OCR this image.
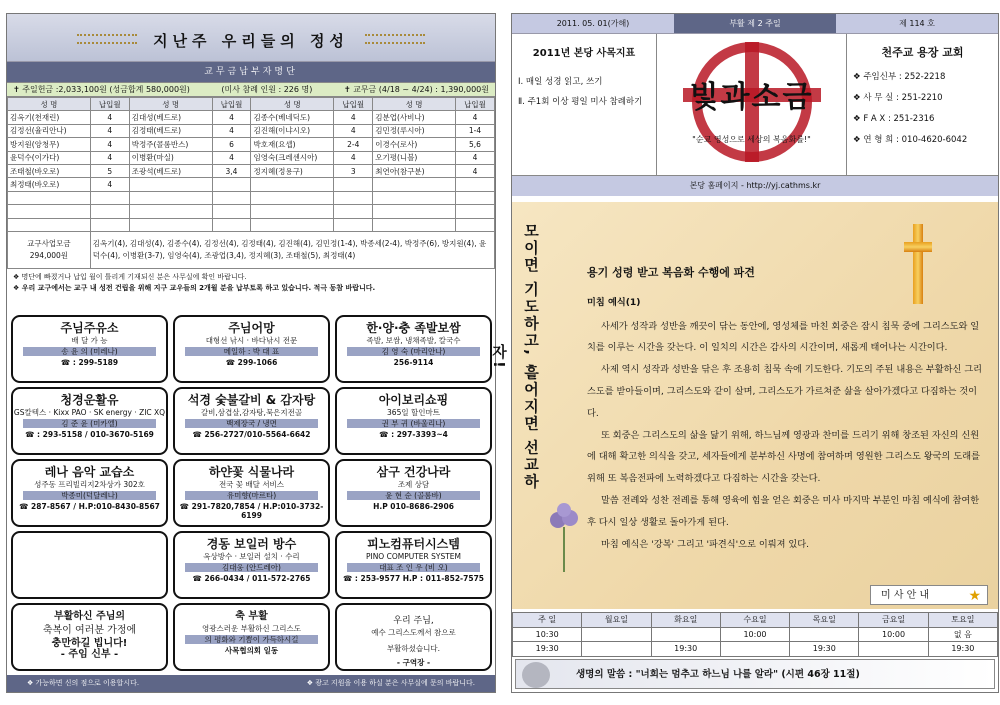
지난주 우리들의 정성
교무금납부자명단
✝ 주일헌금 :2,033,100원 (성금합계 580,000원)	(미사 참례 인원 : 226 명)	✝ 교무금 (4/18 ~ 4/24) : 1,390,000원
성 명	납입월	성 명	납입월	성 명	납입월	성 명	납입월
김옥기(천재린)	4	김대성(베드로)	4	김종수(베네딕도)	4	김분업(사비나)	4
김정선(율리안나)	4	김정태(베드로)	4	김진해(이냐시오)	4	김민정(루시아)	1-4
방지원(앙청무)	4	박정주(콜롬반스)	6	박호재(요셉)	2-4	이경수(로사)	5,6
윤덕수(이가다)	4	이병환(마실)	4	임영숙(크레센시아)	4	오기평(니블)	4
조태철(바오로)	5	조광석(베드로)	3,4	정지혜(정용구)	3	최연아(참구분)	4
최정태(바오로)	4						

교구사업모금
294,000원	김옥기(4), 김대성(4), 김종수(4), 김정선(4), 김정태(4), 김진해(4), 김민정(1-4), 박종세(2-4), 박정주(6), 방지원(4), 윤덕수(4), 이병환(3-7), 임영숙(4), 조광업(3,4), 정지혜(3), 조태철(5), 최정태(4)						
❖ 명단에 빠졌거나 납입 월이 틀리게 기재되신 분은 사무실에 확인 바랍니다.
❖ 우리 교구에서는 교구 내 성전 건립을 위해 지구 교우들의 2개월 분을 납부토록 하고 있습니다. 적극 동참 바랍니다.
주님주유소
배 달 가 능
송 윤 의 (미레나)
☎ : 299-5189
주님어망
대형선 낚시 · 바다낚시 전문
메일하 : 박 대 표
☎ 299-1066
한·양·충 족발보쌈
족발, 보쌈, 냉채족발, 칼국수
김 영 숙 (마리안나)
256-9114
청경운활유
GS칼텍스 · Kixx PAO · SK energy · ZIC XQ
김 준 윤 (미카엘)
☎ : 293-5158 / 010-3670-5169
석경 숯불갈비 & 감자탕
갈비,삼겹살,감자탕,묵은지전골
백제장국 / 냉면
☎ 256-2727/010-5564-6642
아이보리쇼핑
365일 할인마트
권 부 귀 (바울리나)
☎ : 297-3393~4
레나 음악 교습소
성주동 프리빌리지2차상가 302호
박종미(덕달레나)
☎ 287-8567 / H.P:010-8430-8567
하얀꽃 식물나라
전국 꽃 배달 서비스
유미향(마르타)
☎ 291-7820,7854 / H.P:010-3732-6199
삼구 건강나라
조제 상담
윤 현 순 (골롬바)
H.P 010-8686-2906
경동 보일러 방수
옥상방수 · 보일러 설치 · 수리
김대웅 (안드레아)
☎ 266-0434 / 011-572-2765
피노컴퓨터시스템
PINO COMPUTER SYSTEM
대표 조 인 우 (비 오)
☎ : 253-9577 H.P : 011-852-7575
부활하신 주님의
축복이 여러분 가정에
충만하길 빕니다!
- 주임 신부 -
축 부활
영광스러운 부활하신 그리스도
의 평화와 기쁨이 가득하시길
사목협의회 일동
우리 주님,
예수 그리스도께서 참으로
부활하셨습니다.
- 구역장 -
❖ 가능하면 신의 점으로 이용합시다.	❖ 광고 지원을 이용 하실 분은 사무실에 문의 바랍니다.
2011. 05. 01(가해)	부활 제 2 주일	제 114 호
2011년 본당 사목지표
Ⅰ. 매일 성경 읽고, 쓰기
Ⅱ. 주1회 이상 평일 미사 참례하기	빛과소금
"순교 영성으로 세상의 복음화를!"
천주교 용장 교회
❖ 주임신부 : 252-2218
❖ 사 무 실 : 251-2210
❖ F A X : 251-2316
❖ 연 형 희 : 010-4620-6042
본당 홈페이지 - http://yj.cathms.kr
모이면 기도하고, 흩어지면 선교하자!
용기 성령 받고 복음화 수행에 파견
미침 예식(1)

사세가 성작과 성반을 깨끗이 닦는 동안에, 영성체를 마친 회중은 잠시 침묵 중에 그리스도와 일치를 이루는 시간을 갖는다. 이 일치의 시간은 감사의 시간이며, 새롭게 태어나는 시간이다.

사제 역시 성작과 성반을 닦은 후 조용히 침묵 속에 기도한다. 기도의 주된 내용은 부활하신 그리스도를 받아들이며, 그리스도와 같이 살며, 그리스도가 가르쳐준 삶을 살아가겠다고 다짐하는 것이다.

또 회중은 그리스도의 삶을 닮기 위해, 하느님께 영광과 찬미를 드리기 위해 창조된 자신의 신원에 대해 확고한 의식을 갖고, 세자들에게 분부하신 사명에 참여하며 영원한 그리스도 왕국의 도래를 위해 또 복음전파에 노력하겠다고 다짐하는 시간을 갖는다.

말씀 전례와 성찬 전례를 통해 영육에 힘을 얻은 회중은 미사 마지막 부분인 마침 예식에 참여한 후 다시 일상 생활로 돌아가게 된다.

마침 예식은 '강복' 그리고 '파견식'으로 이뤄져 있다.

미 사 안 내	★
주 일	월요일	화요일	수요일	목요일	금요일	토요일
10:30			10:00		10:00	없 음
19:30		19:30		19:30		19:30
생명의 말씀 : "너희는 멈추고 하느님 나를 알라" (시편 46장 11절)
